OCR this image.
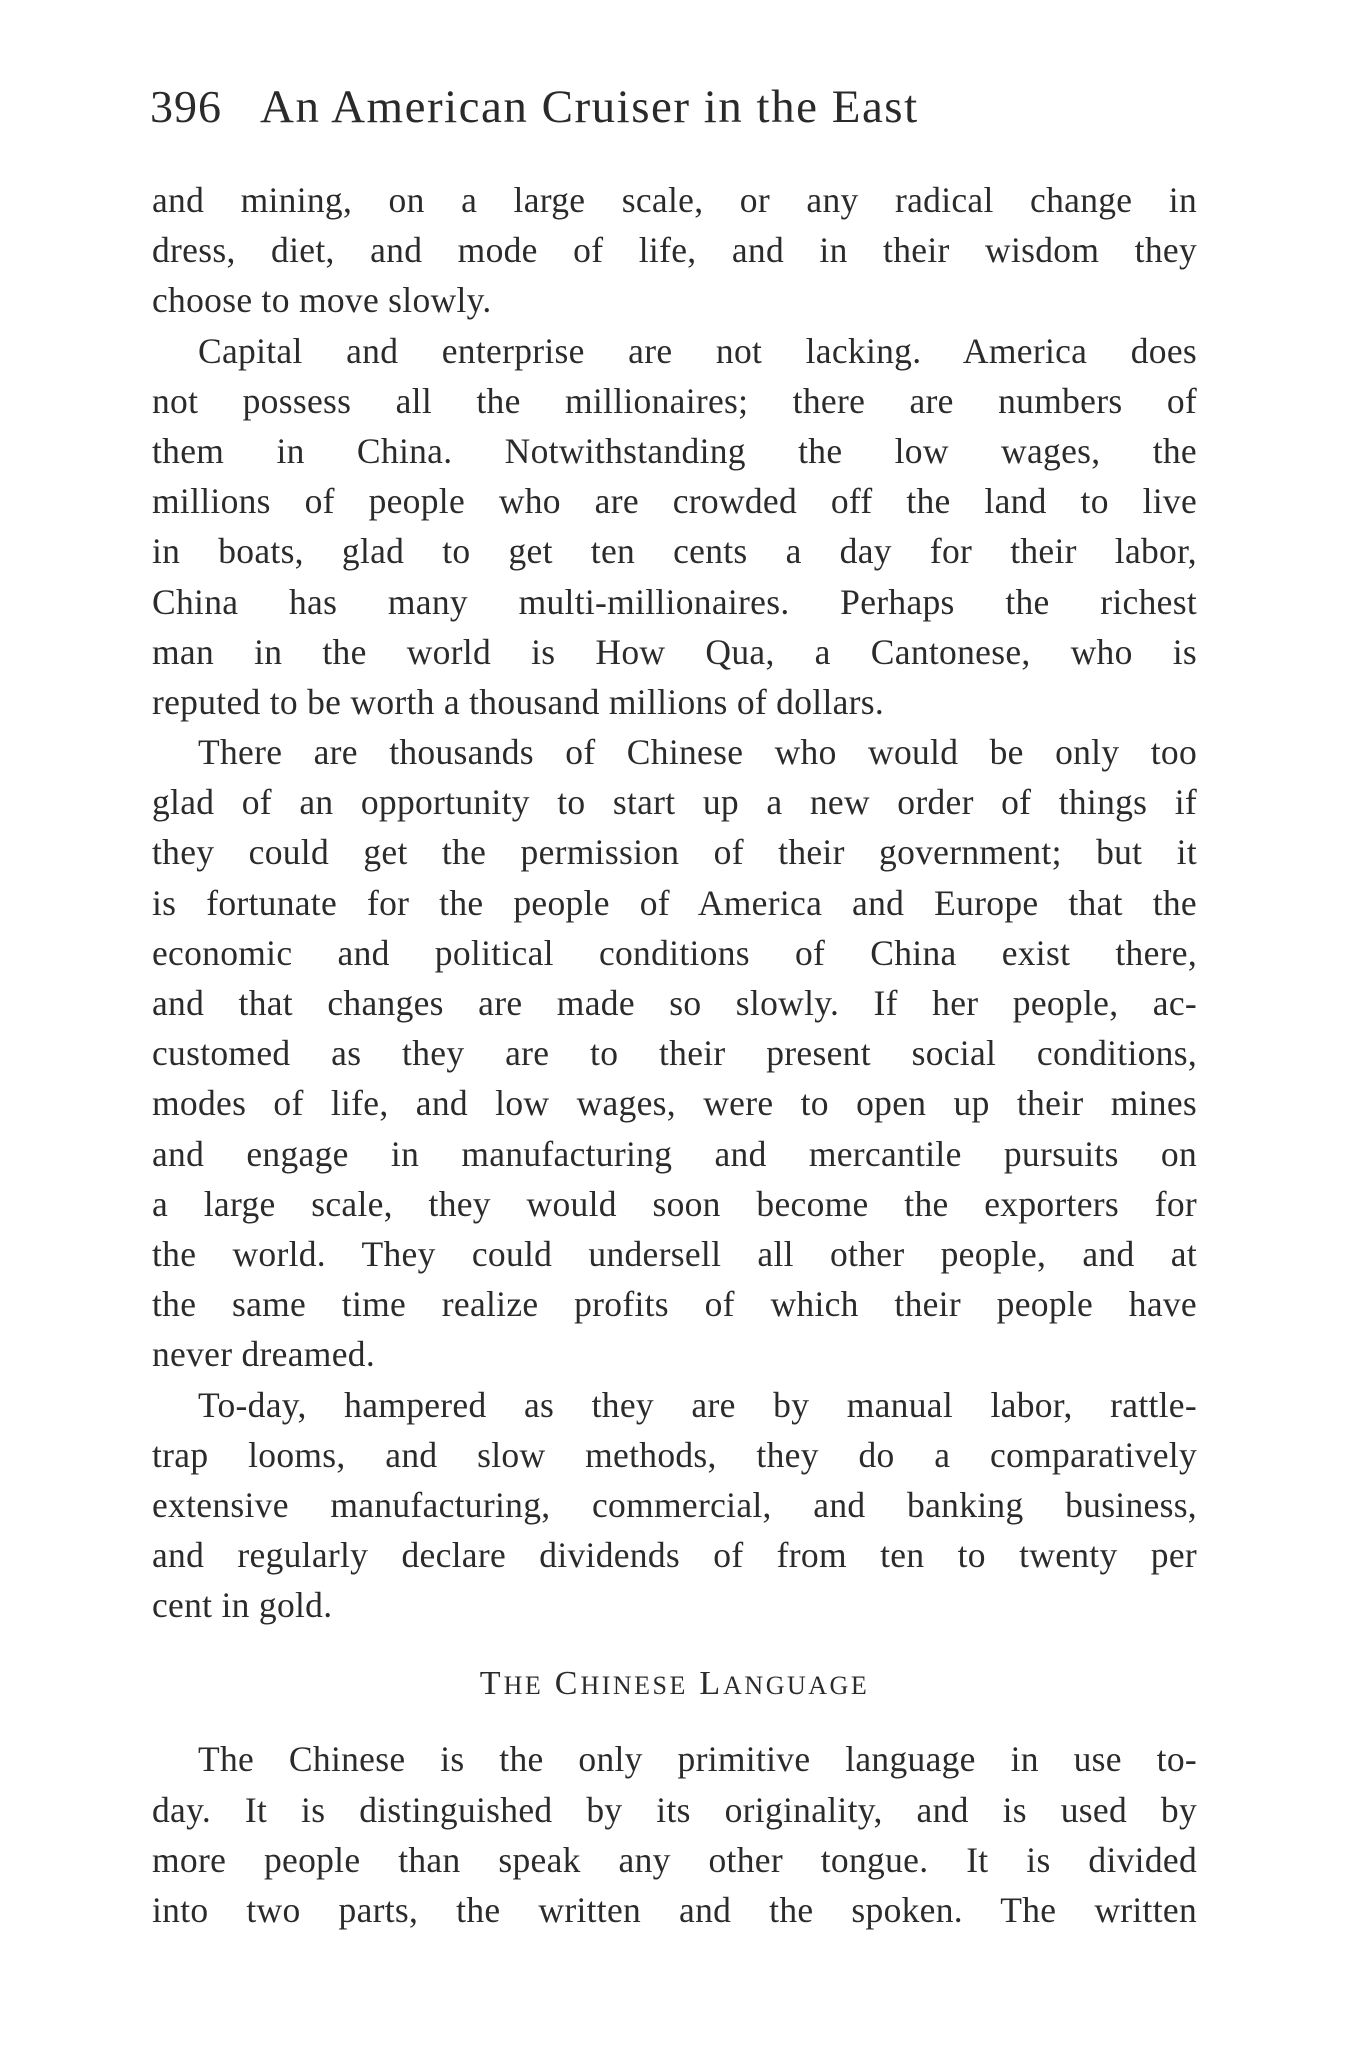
396 An American Cruiser in the East
and mining, on a large scale, or any radical change in
dress, diet, and mode of life, and in their wisdom they
choose to move slowly.
Capital and enterprise are not lacking. America does
not possess all the millionaires; there are numbers of
them in China. Notwithstanding the low wages, the
millions of people who are crowded off the land to live
in boats, glad to get ten cents a day for their labor,
China has many multi-millionaires. Perhaps the richest
man in the world is How Qua, a Cantonese, who is
reputed to be worth a thousand millions of dollars.
There are thousands of Chinese who would be only too
glad of an opportunity to start up a new order of things if
they could get the permission of their government; but it
is fortunate for the people of America and Europe that the
economic and political conditions of China exist there,
and that changes are made so slowly. If her people, ac-
customed as they are to their present social conditions,
modes of life, and low wages, were to open up their mines
and engage in manufacturing and mercantile pursuits on
a large scale, they would soon become the exporters for
the world. They could undersell all other people, and at
the same time realize profits of which their people have
never dreamed.
To-day, hampered as they are by manual labor, rattle-
trap looms, and slow methods, they do a comparatively
extensive manufacturing, commercial, and banking business,
and regularly declare dividends of from ten to twenty per
cent in gold.
THE CHINESE LANGUAGE
The Chinese is the only primitive language in use to-
day. It is distinguished by its originality, and is used by
more people than speak any other tongue. It is divided
into two parts, the written and the spoken. The written
